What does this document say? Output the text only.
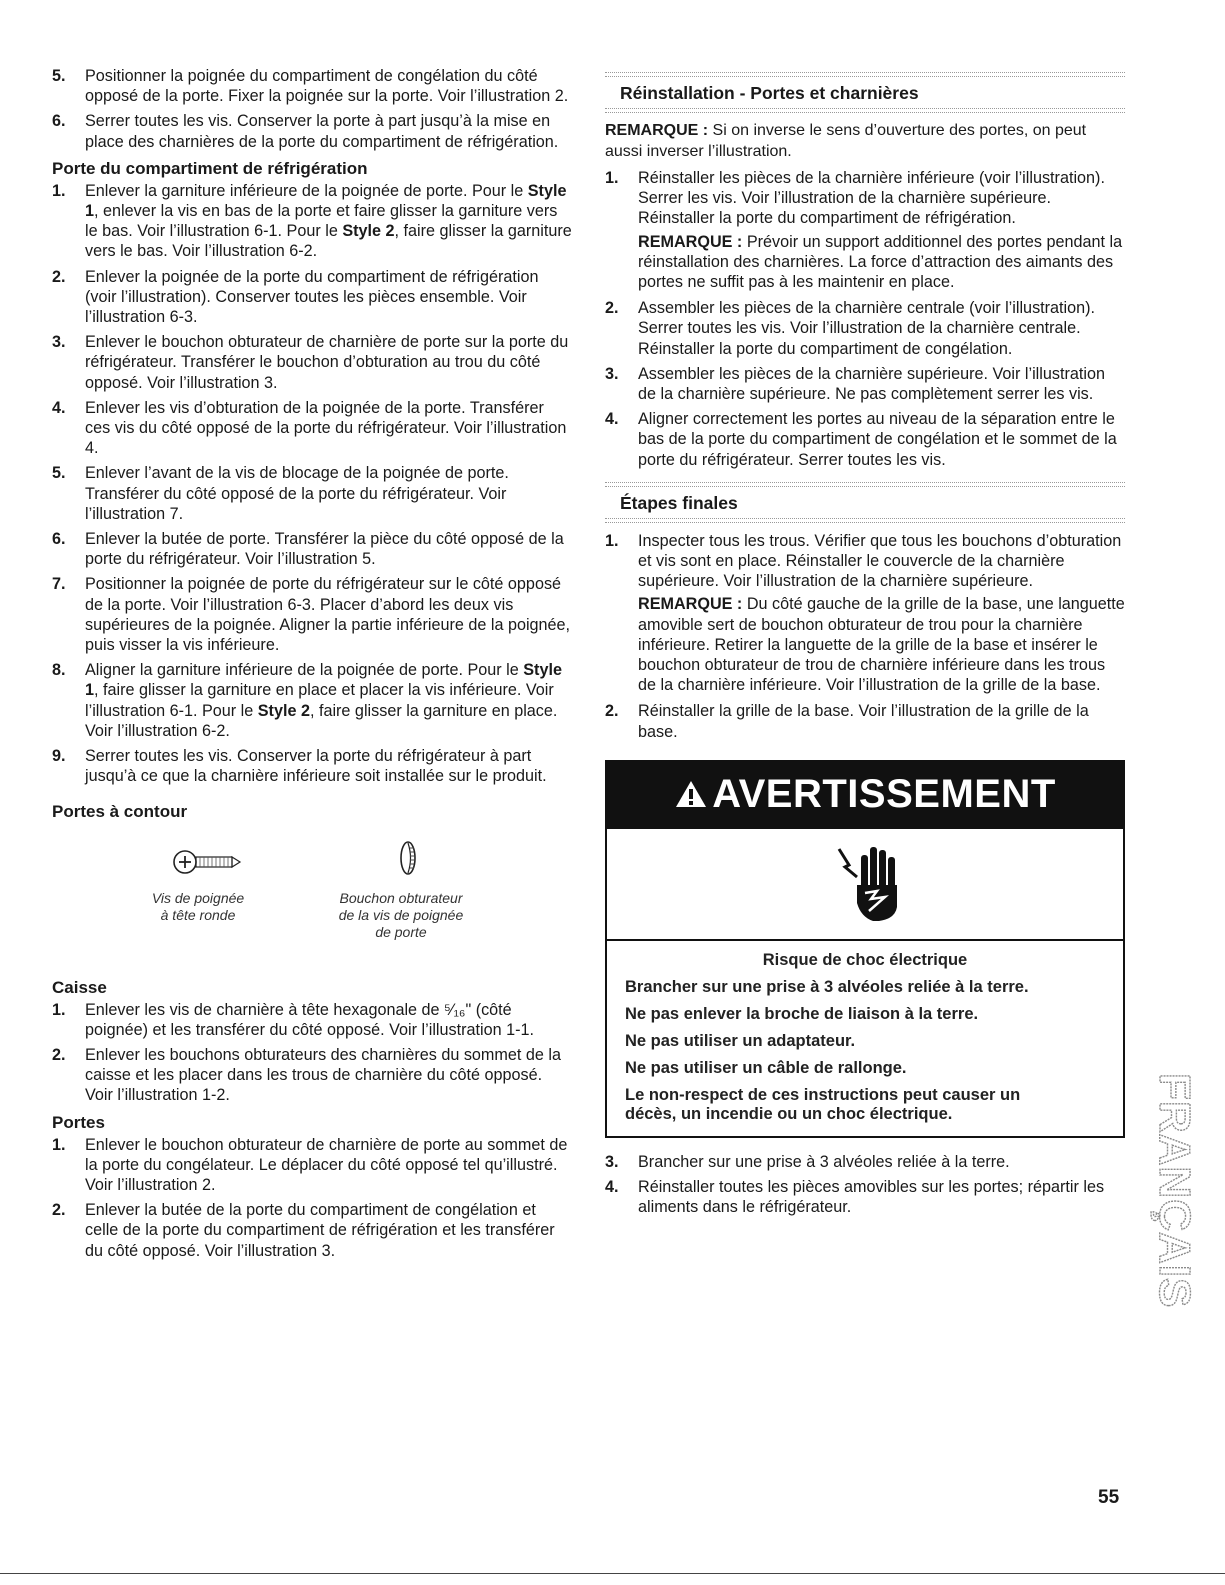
5. Positionner la poignée du compartiment de congélation du côté opposé de la porte. Fixer la poignée sur la porte. Voir l’illustration 2.
6. Serrer toutes les vis. Conserver la porte à part jusqu’à la mise en place des charnières de la porte du compartiment de réfrigération.
Porte du compartiment de réfrigération
1. Enlever la garniture inférieure de la poignée de porte. Pour le Style 1, enlever la vis en bas de la porte et faire glisser la garniture vers le bas. Voir l’illustration 6-1. Pour le Style 2, faire glisser la garniture vers le bas. Voir l’illustration 6-2.
2. Enlever la poignée de la porte du compartiment de réfrigération (voir l’illustration). Conserver toutes les pièces ensemble. Voir l’illustration 6-3.
3. Enlever le bouchon obturateur de charnière de porte sur la porte du réfrigérateur. Transférer le bouchon d’obturation au trou du côté opposé. Voir l’illustration 3.
4. Enlever les vis d’obturation de la poignée de la porte. Transférer ces vis du côté opposé de la porte du réfrigérateur. Voir l’illustration 4.
5. Enlever l’avant de la vis de blocage de la poignée de porte. Transférer du côté opposé de la porte du réfrigérateur. Voir l’illustration 7.
6. Enlever la butée de porte. Transférer la pièce du côté opposé de la porte du réfrigérateur. Voir l’illustration 5.
7. Positionner la poignée de porte du réfrigérateur sur le côté opposé de la porte. Voir l’illustration 6-3. Placer d’abord les deux vis supérieures de la poignée. Aligner la partie inférieure de la poignée, puis visser la vis inférieure.
8. Aligner la garniture inférieure de la poignée de porte. Pour le Style 1, faire glisser la garniture en place et placer la vis inférieure. Voir l’illustration 6-1. Pour le Style 2, faire glisser la garniture en place. Voir l’illustration 6-2.
9. Serrer toutes les vis. Conserver la porte du réfrigérateur à part jusqu’à ce que la charnière inférieure soit installée sur le produit.
Portes à contour
Vis de poignée
à tête ronde
Bouchon obturateur
de la vis de poignée
de porte
Caisse
1. Enlever les vis de charnière à tête hexagonale de ⁵⁄₁₆" (côté poignée) et les transférer du côté opposé. Voir l’illustration 1-1.
2. Enlever les bouchons obturateurs des charnières du sommet de la caisse et les placer dans les trous de charnière du côté opposé. Voir l’illustration 1-2.
Portes
1. Enlever le bouchon obturateur de charnière de porte au sommet de la porte du congélateur. Le déplacer du côté opposé tel qu’illustré. Voir l’illustration 2.
2. Enlever la butée de la porte du compartiment de congélation et celle de la porte du compartiment de réfrigération et les transférer du côté opposé. Voir l’illustration 3.
Réinstallation - Portes et charnières

REMARQUE : Si on inverse le sens d’ouverture des portes, on peut aussi inverser l’illustration.

1. Réinstaller les pièces de la charnière inférieure (voir l’illustration). Serrer les vis. Voir l’illustration de la charnière supérieure. Réinstaller la porte du compartiment de réfrigération.
REMARQUE : Prévoir un support additionnel des portes pendant la réinstallation des charnières. La force d’attraction des aimants des portes ne suffit pas à les maintenir en place.
2. Assembler les pièces de la charnière centrale (voir l’illustration). Serrer toutes les vis. Voir l’illustration de la charnière centrale. Réinstaller la porte du compartiment de congélation.
3. Assembler les pièces de la charnière supérieure. Voir l’illustration de la charnière supérieure. Ne pas complètement serrer les vis.
4. Aligner correctement les portes au niveau de la séparation entre le bas de la porte du compartiment de congélation et le sommet de la porte du réfrigérateur. Serrer toutes les vis.
Étapes finales
1. Inspecter tous les trous. Vérifier que tous les bouchons d’obturation et vis sont en place. Réinstaller le couvercle de la charnière supérieure. Voir l’illustration de la charnière supérieure.
REMARQUE : Du côté gauche de la grille de la base, une languette amovible sert de bouchon obturateur de trou pour la charnière inférieure. Retirer la languette de la grille de la base et insérer le bouchon obturateur de trou de charnière inférieure dans les trous de la charnière inférieure. Voir l’illustration de la grille de la base.
2. Réinstaller la grille de la base. Voir l’illustration de la grille de la base.
AVERTISSEMENT
Risque de choc électrique
Brancher sur une prise à 3 alvéoles reliée à la terre.
Ne pas enlever la broche de liaison à la terre.
Ne pas utiliser un adaptateur.
Ne pas utiliser un câble de rallonge.
Le non-respect de ces instructions peut causer un décès, un incendie ou un choc électrique.
3. Brancher sur une prise à 3 alvéoles reliée à la terre.
4. Réinstaller toutes les pièces amovibles sur les portes; répartir les aliments dans le réfrigérateur.	FRANÇAIS
55
